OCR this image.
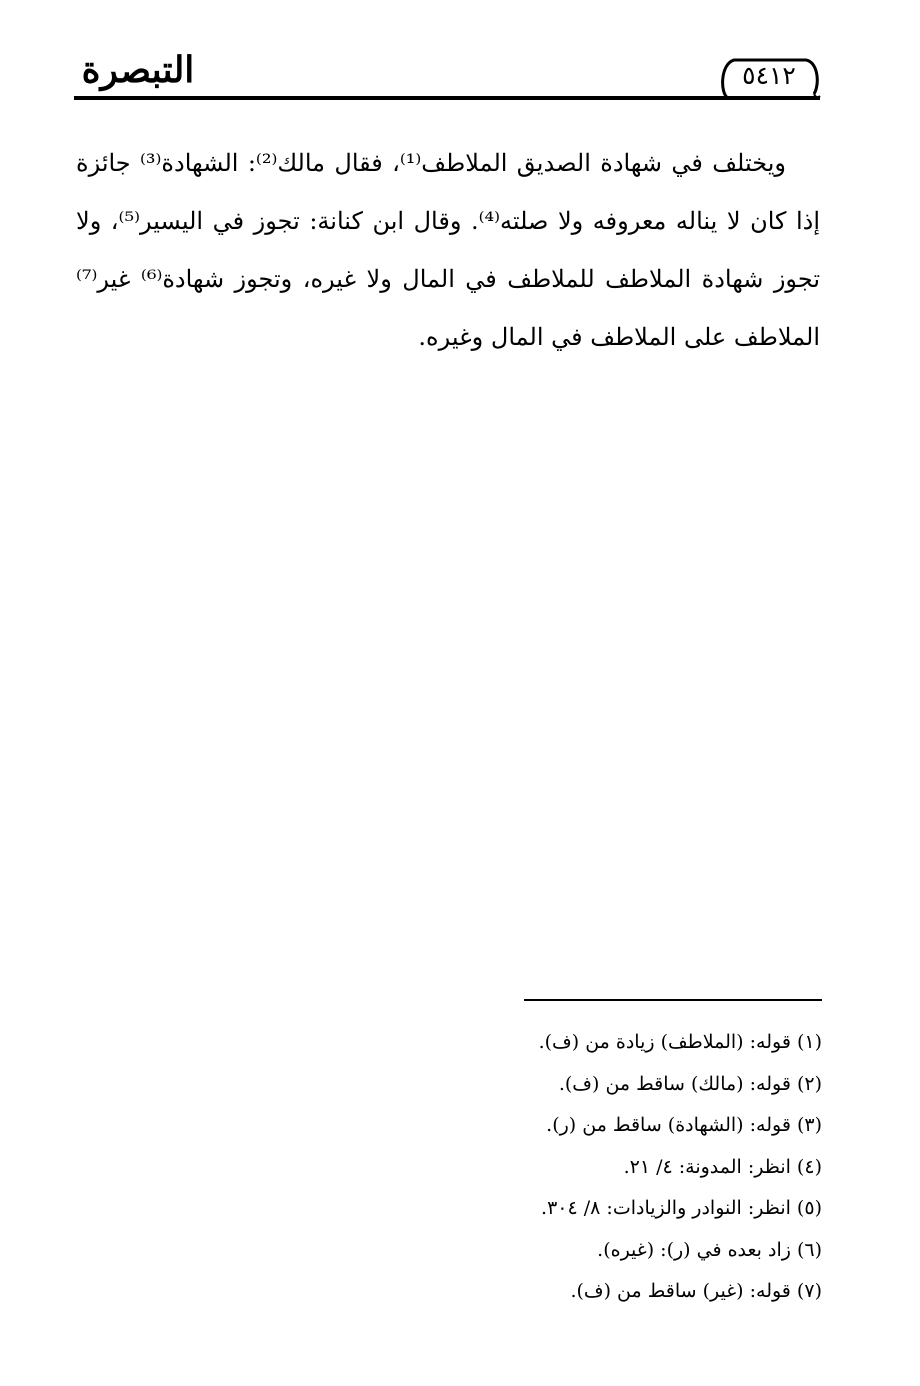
التبصرة	٥٤١٢
ويختلف في شهادة الصديق الملاطف⁽¹⁾، فقال مالك⁽²⁾: الشهادة⁽³⁾ جائزة إذا كان لا يناله معروفه ولا صلته⁽⁴⁾. وقال ابن كنانة: تجوز في اليسير⁽⁵⁾، ولا تجوز شهادة الملاطف للملاطف في المال ولا غيره، وتجوز شهادة⁽⁶⁾ غير⁽⁷⁾ الملاطف على الملاطف في المال وغيره.
(١) قوله: (الملاطف) زيادة من (ف).
(٢) قوله: (مالك) ساقط من (ف).
(٣) قوله: (الشهادة) ساقط من (ر).
(٤) انظر: المدونة: ٤/ ٢١.
(٥) انظر: النوادر والزيادات: ٨/ ٣٠٤.
(٦) زاد بعده في (ر): (غيره).
(٧) قوله: (غير) ساقط من (ف).
